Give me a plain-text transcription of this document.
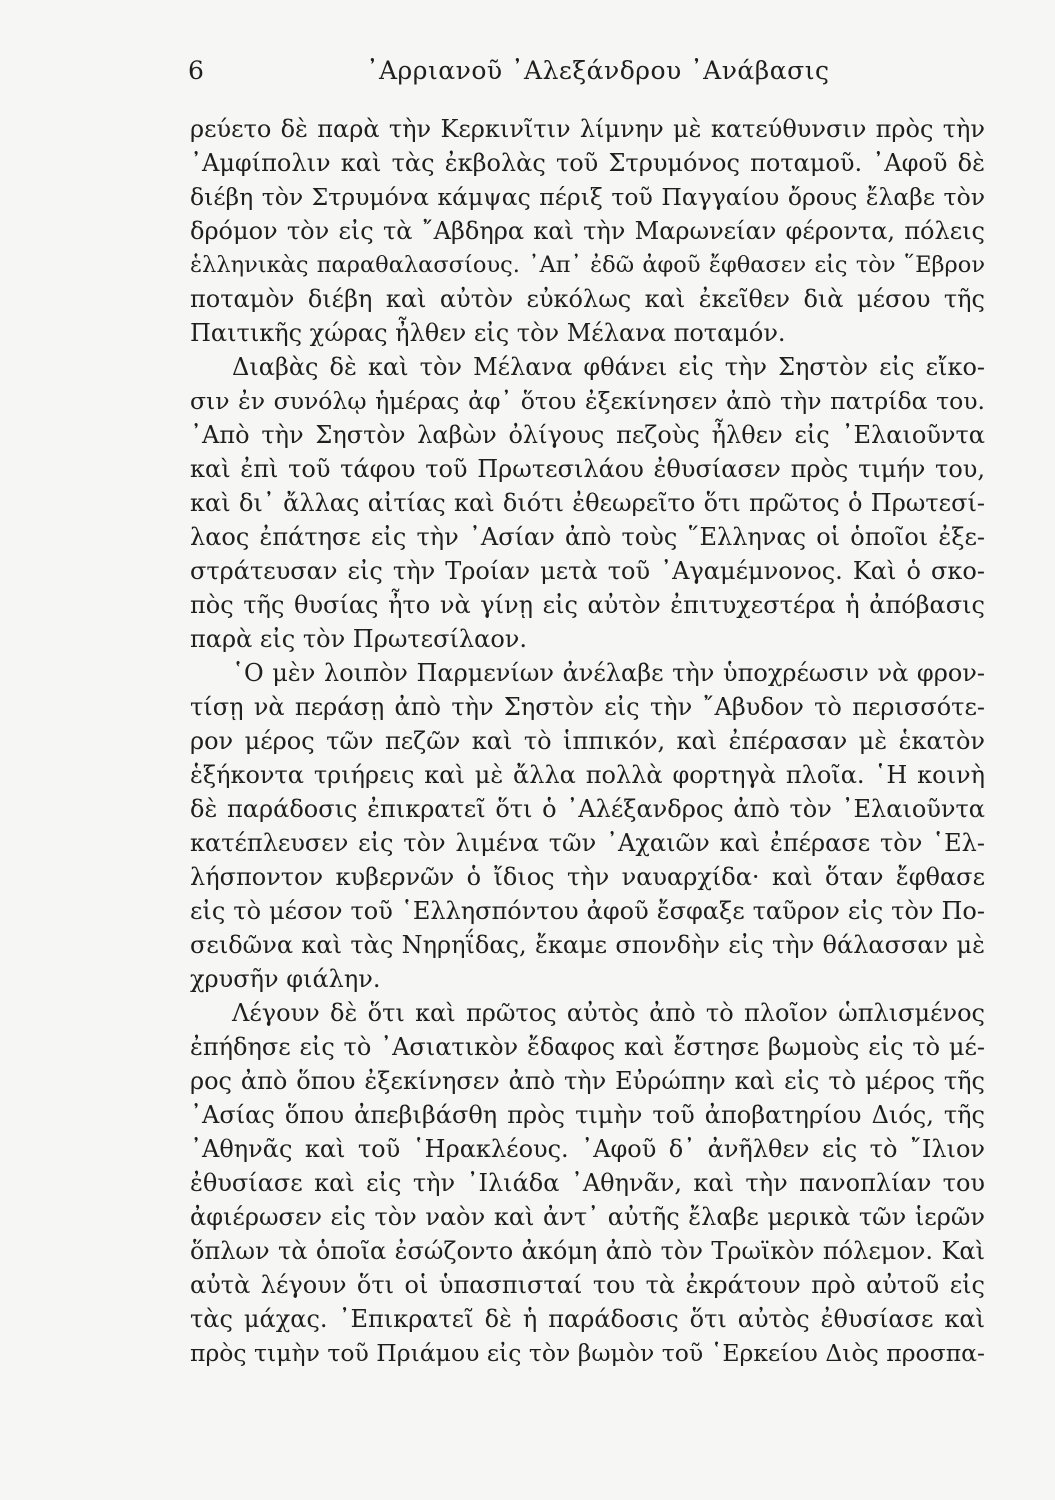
6	᾿Αρριανοῦ ᾿Αλεξάνδρου ᾿Ανάβασις
ρεύετο δὲ παρὰ τὴν Κερκινῖτιν λίμνην μὲ κατεύθυνσιν πρὸς τὴν
᾿Αμφίπολιν καὶ τὰς ἐκβολὰς τοῦ Στρυμόνος ποταμοῦ. ᾿Αφοῦ δὲ
διέβη τὸν Στρυμόνα κάμψας πέριξ τοῦ Παγγαίου ὄρους ἔλαβε τὸν
δρόμον τὸν εἰς τὰ ῎Αβδηρα καὶ τὴν Μαρωνείαν φέροντα, πόλεις
ἑλληνικὰς παραθαλασσίους. ᾿Απ᾿ ἐδῶ ἀφοῦ ἔφθασεν εἰς τὸν ῞Εβρον
ποταμὸν διέβη καὶ αὐτὸν εὐκόλως καὶ ἐκεῖθεν διὰ μέσου τῆς
Παιτικῆς χώρας ἦλθεν εἰς τὸν Μέλανα ποταμόν.
Διαβὰς δὲ καὶ τὸν Μέλανα φθάνει εἰς τὴν Σηστὸν εἰς εἴκο-
σιν ἐν συνόλῳ ἡμέρας ἀφ᾿ ὅτου ἐξεκίνησεν ἀπὸ τὴν πατρίδα του.
᾿Απὸ τὴν Σηστὸν λαβὼν ὀλίγους πεζοὺς ἦλθεν εἰς ᾿Ελαιοῦντα
καὶ ἐπὶ τοῦ τάφου τοῦ Πρωτεσιλάου ἐθυσίασεν πρὸς τιμήν του,
καὶ δι᾿ ἄλλας αἰτίας καὶ διότι ἐθεωρεῖτο ὅτι πρῶτος ὁ Πρωτεσί-
λαος ἐπάτησε εἰς τὴν ᾿Ασίαν ἀπὸ τοὺς ῞Ελληνας οἱ ὁποῖοι ἐξε-
στράτευσαν εἰς τὴν Τροίαν μετὰ τοῦ ᾿Αγαμέμνονος. Καὶ ὁ σκο-
πὸς τῆς θυσίας ἦτο νὰ γίνῃ εἰς αὐτὸν ἐπιτυχεστέρα ἡ ἀπόβασις
παρὰ εἰς τὸν Πρωτεσίλαον.
῾Ο μὲν λοιπὸν Παρμενίων ἀνέλαβε τὴν ὑποχρέωσιν νὰ φρον-
τίσῃ νὰ περάσῃ ἀπὸ τὴν Σηστὸν εἰς τὴν ῎Αβυδον τὸ περισσότε-
ρον μέρος τῶν πεζῶν καὶ τὸ ἱππικόν, καὶ ἐπέρασαν μὲ ἑκατὸν
ἑξήκοντα τριήρεις καὶ μὲ ἄλλα πολλὰ φορτηγὰ πλοῖα. ῾Η κοινὴ
δὲ παράδοσις ἐπικρατεῖ ὅτι ὁ ᾿Αλέξανδρος ἀπὸ τὸν ᾿Ελαιοῦντα
κατέπλευσεν εἰς τὸν λιμένα τῶν ᾿Αχαιῶν καὶ ἐπέρασε τὸν ῾Ελ-
λήσποντον κυβερνῶν ὁ ἴδιος τὴν ναυαρχίδα· καὶ ὅταν ἔφθασε
εἰς τὸ μέσον τοῦ ῾Ελλησπόντου ἀφοῦ ἔσφαξε ταῦρον εἰς τὸν Πο-
σειδῶνα καὶ τὰς Νηρηΐδας, ἔκαμε σπονδὴν εἰς τὴν θάλασσαν μὲ
χρυσῆν φιάλην.
Λέγουν δὲ ὅτι καὶ πρῶτος αὐτὸς ἀπὸ τὸ πλοῖον ὡπλισμένος
ἐπήδησε εἰς τὸ ᾿Ασιατικὸν ἔδαφος καὶ ἔστησε βωμοὺς εἰς τὸ μέ-
ρος ἀπὸ ὅπου ἐξεκίνησεν ἀπὸ τὴν Εὐρώπην καὶ εἰς τὸ μέρος τῆς
᾿Ασίας ὅπου ἀπεβιβάσθη πρὸς τιμὴν τοῦ ἀποβατηρίου Διός, τῆς
᾿Αθηνᾶς καὶ τοῦ ῾Ηρακλέους. ᾿Αφοῦ δ᾿ ἀνῆλθεν εἰς τὸ ῎Ιλιον
ἐθυσίασε καὶ εἰς τὴν ᾿Ιλιάδα ᾿Αθηνᾶν, καὶ τὴν πανοπλίαν του
ἀφιέρωσεν εἰς τὸν ναὸν καὶ ἀντ᾿ αὐτῆς ἔλαβε μερικὰ τῶν ἱερῶν
ὅπλων τὰ ὁποῖα ἐσώζοντο ἀκόμη ἀπὸ τὸν Τρωϊκὸν πόλεμον. Καὶ
αὐτὰ λέγουν ὅτι οἱ ὑπασπισταί του τὰ ἐκράτουν πρὸ αὐτοῦ εἰς
τὰς μάχας. ᾿Επικρατεῖ δὲ ἡ παράδοσις ὅτι αὐτὸς ἐθυσίασε καὶ
πρὸς τιμὴν τοῦ Πριάμου εἰς τὸν βωμὸν τοῦ ῾Ερκείου Διὸς προσπα-
